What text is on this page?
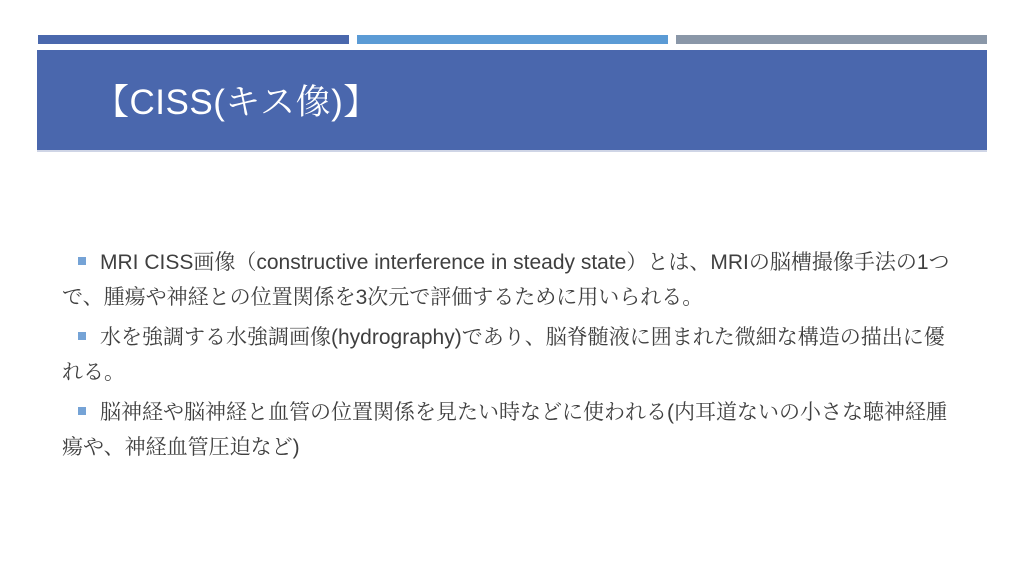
【CISS(キス像)】

MRI CISS画像（constructive interference in steady state）とは、MRIの脳槽撮像手法の1つで、腫瘍や神経との位置関係を3次元で評価するために用いられる。

水を強調する水強調画像(hydrography)であり、脳脊髄液に囲まれた微細な構造の描出に優れる。

脳神経や脳神経と血管の位置関係を見たい時などに使われる(内耳道ないの小さな聴神経腫瘍や、神経血管圧迫など)
